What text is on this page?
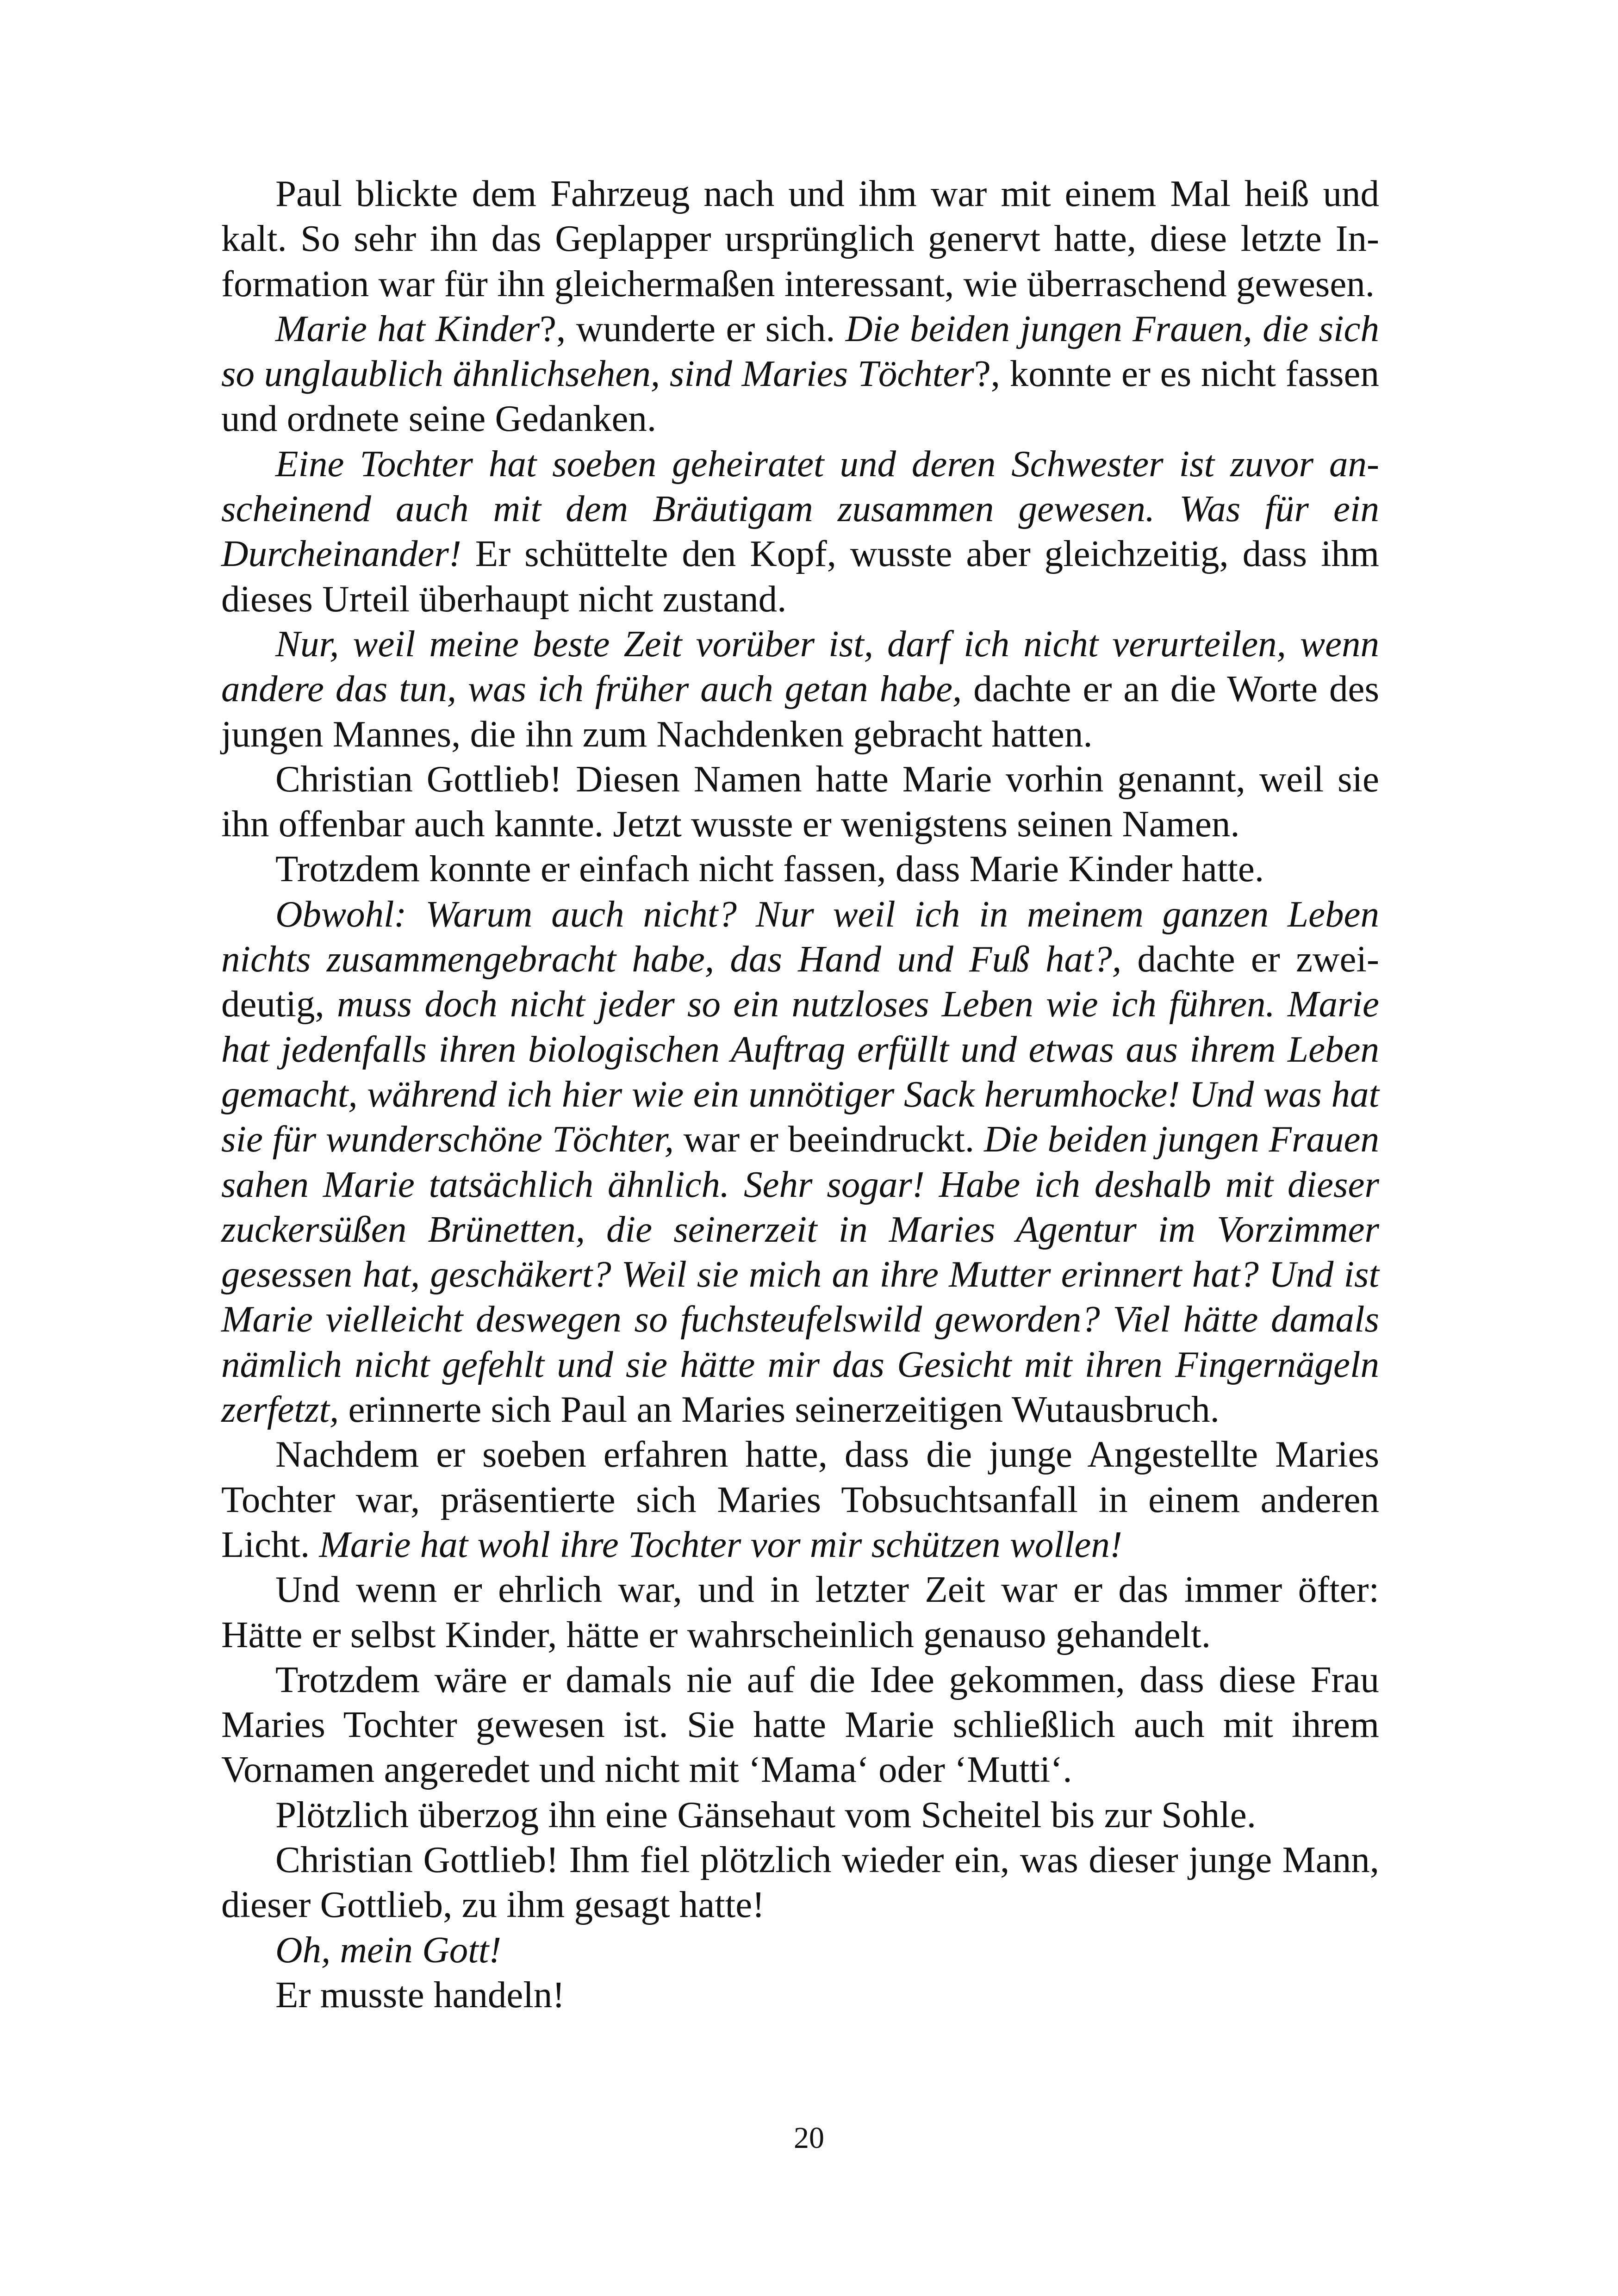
Paul blickte dem Fahrzeug nach und ihm war mit einem Mal heiß und kalt. So sehr ihn das Geplapper ursprünglich genervt hatte, diese letzte Information war für ihn gleichermaßen interessant, wie überraschend gewesen.

Marie hat Kinder?, wunderte er sich. Die beiden jungen Frauen, die sich so unglaublich ähnlichsehen, sind Maries Töchter?, konnte er es nicht fassen und ordnete seine Gedanken.

Eine Tochter hat soeben geheiratet und deren Schwester ist zuvor anscheinend auch mit dem Bräutigam zusammen gewesen. Was für ein Durcheinander! Er schüttelte den Kopf, wusste aber gleichzeitig, dass ihm dieses Urteil überhaupt nicht zustand.

Nur, weil meine beste Zeit vorüber ist, darf ich nicht verurteilen, wenn andere das tun, was ich früher auch getan habe, dachte er an die Worte des jungen Mannes, die ihn zum Nachdenken gebracht hatten.

Christian Gottlieb! Diesen Namen hatte Marie vorhin genannt, weil sie ihn offenbar auch kannte. Jetzt wusste er wenigstens seinen Namen.

Trotzdem konnte er einfach nicht fassen, dass Marie Kinder hatte.

Obwohl: Warum auch nicht? Nur weil ich in meinem ganzen Leben nichts zusammengebracht habe, das Hand und Fuß hat?, dachte er zweideutig, muss doch nicht jeder so ein nutzloses Leben wie ich führen. Marie hat jedenfalls ihren biologischen Auftrag erfüllt und etwas aus ihrem Leben gemacht, während ich hier wie ein unnötiger Sack herumhocke! Und was hat sie für wunderschöne Töchter, war er beeindruckt. Die beiden jungen Frauen sahen Marie tatsächlich ähnlich. Sehr sogar! Habe ich deshalb mit dieser zuckersüßen Brünetten, die seinerzeit in Maries Agentur im Vorzimmer gesessen hat, geschäkert? Weil sie mich an ihre Mutter erinnert hat? Und ist Marie vielleicht deswegen so fuchsteufelswild geworden? Viel hätte damals nämlich nicht gefehlt und sie hätte mir das Gesicht mit ihren Fingernägeln zerfetzt, erinnerte sich Paul an Maries seinerzeitigen Wutausbruch.

Nachdem er soeben erfahren hatte, dass die junge Angestellte Maries Tochter war, präsentierte sich Maries Tobsuchtsanfall in einem anderen Licht. Marie hat wohl ihre Tochter vor mir schützen wollen!

Und wenn er ehrlich war, und in letzter Zeit war er das immer öfter: Hätte er selbst Kinder, hätte er wahrscheinlich genauso gehandelt.

Trotzdem wäre er damals nie auf die Idee gekommen, dass diese Frau Maries Tochter gewesen ist. Sie hatte Marie schließlich auch mit ihrem Vornamen angeredet und nicht mit ‘Mama‘ oder ‘Mutti‘.

Plötzlich überzog ihn eine Gänsehaut vom Scheitel bis zur Sohle.

Christian Gottlieb! Ihm fiel plötzlich wieder ein, was dieser junge Mann, dieser Gottlieb, zu ihm gesagt hatte!

Oh, mein Gott!

Er musste handeln!

20
